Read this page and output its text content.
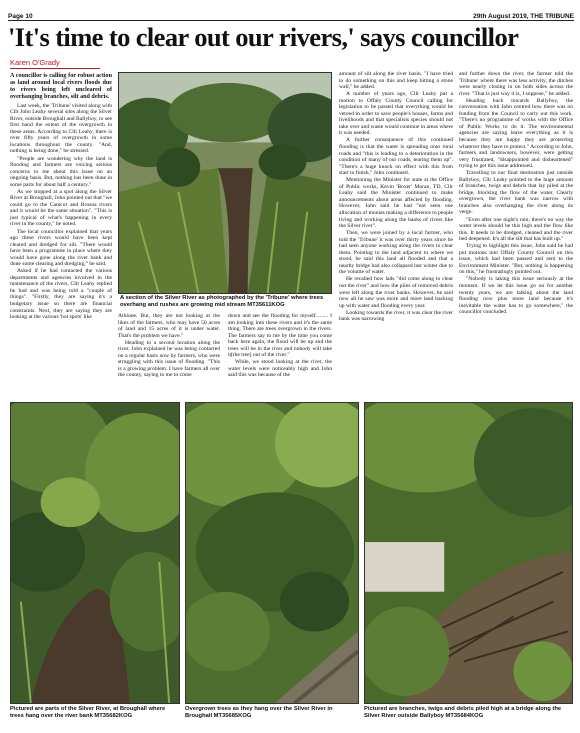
Page 10	29th August 2019, THE TRIBUNE
'It's time to clear out our rivers,' says councillor
Karen O'Grady

A councillor is calling for robust action as land around local rivers floods due to rivers being left uncleared of overhanging branches, silt and debris.

Last week, the 'Tribune' visited along with Cllr John Leahy several sites along the Silver River, outside Broughall and Ballyboy, to see first hand the extent of the overgrowth in these areas. According to Cllr Leahy, there is over fifty years of overgrowth in some locations throughout the county. "And, nothing is being done," he stressed.

"People are wondering why the land is flooding and farmers are voicing serious concerns to me about this issue on an ongoing basis. But, nothing has been done in some parts for about half a century."

As we stopped at a spot along the Silver River at Broughall, John pointed out that "we could go to the Camcor and Brosna rivers and it would be the same situation". "This is just typical of what's happening in every river in the county," he noted.

The local councillor explained that years ago these rivers would have been kept cleared and dredged for silt. "There would have been a programme in place where they would have gone along the river bank and done some clearing and dredging," he said.

Asked if he had contacted the various departments and agencies involved in the maintenance of the rivers, Cllr Leahy replied he had and was being told a "couple of things". "Firstly, they are saying it's a budgetary issue so there are financial constraints. Next, they are saying they are looking at the various 'hot spots' like

A section of the Silver River as photographed by the 'Tribune' where trees overhang and rushes are growing mid stream MT35611KOG

Athlone. But, they are not looking at the likes of the farmers, who may have 50 acres of land and 15 acres of it is under water. That's the problem we have."

Heading to a second location along the river, John explained he was being contacted on a regular basis now by farmers, who were struggling with this issue of flooding. "This is a growing problem. I have farmers all over the county, saying to me to come

down and see the flooding for myself......... I am looking into these rivers and it's the same thing. There are trees overgrown in the rivers. The farmers say to me by the time you come back here again, the flood will be up and the trees will be in the river and nobody will take it[the tree] out of the river."

While, we stood looking at the river, the water levels were noticeably high and John said this was because of the

amount of silt along the river basin. "I have tried to do something on this and keep hitting a stone wall," he added.

A number of years ago, Cllr Leahy put a motion to Offaly County Council calling for legislation to be passed that everything would be vetoed in order to save people's houses, farms and livelihoods and that specialists species should not take over and waste would continue in areas where it was needed.

A further consequence of this continued flooding is that the water is spreading onto rural roads and "this is leading to a deterioration in the condition of many of our roads, tearing them up". "There's a huge knock on effect with this from start to finish," John continued.

Mentioning the Minister for state at the Office of Public works, Kevin 'Boxer' Moran, TD, Cllr Leahy said the Minister continued to make announcements about areas affected by flooding. However, John said he had "not seen one allocation of monies making a difference to people living and working along the banks of rivers like the Silver river".

Then, we were joined by a local farmer, who told the 'Tribune' it was over thirty years since he had seen anyone working along the rivers to clear them. Pointing to the land adjacent to where we stood, he said this land all flooded and that a nearby bridge had also collapsed last winter due to the volume of water.

He recalled how lads "did come along to clear out the river" and how the piles of removed debris were left along the river banks. However, he said now all he saw was more and more land backing up with water and flooding every year.

Looking towards the river, it was clear the river bank was narrowing

and further down the river, the farmer told the 'Tribune' where there was less activity, the ditches were nearly closing in on both sides across the river. "That is just way it is, I suppose," he added.

Heading back towards Ballyboy, the conversation with John centred how there was no funding from the Council to carry out this work. "There's no programme of works with the Office of Public Works to do it. The environmental agencies are saying leave everything as it is because they are happy they are protecting whatever they have to protect." According to John, farmers and landowners, however, were getting very frustrated, "disappointed and disheartened" trying to get this issue addressed.

Travelling to our final destination just outside Ballyboy, Cllr Leahy pointed to the huge amount of branches, twigs and debris that lay piled at the bridge, blocking the flow of the water. Clearly overgrown, the river bank was narrow with branches also overhanging the river along its verge.

"Even after one night's rain, there's no way the water levels should be this high and the flow like this. It needs to be dredged, cleaned and the river bed deepened. It's all the silt that has built up."

Trying to highlight this issue, John said he had put motions into Offaly County Council on this issue, which had been passed and sent to the Environment Minister. "But, nothing is happening on this," he frustratingly pointed out.

"Nobody is taking this issue seriously at the moment. If we let this issue go on for another twenty years, we are talking about the land flooding now plus more land because it's inevitable the water has to go somewhere," the councillor concluded.

Pictured are parts of the Silver River, at Broughall where trees hang over the river bank MT35682KOG
Overgrown trees as they hang over the Silver River in Broughall MT35685KOG
Pictured are branches, twigs and debris piled high at a bridge along the Silver River outside Ballyboy MT35684KOG
